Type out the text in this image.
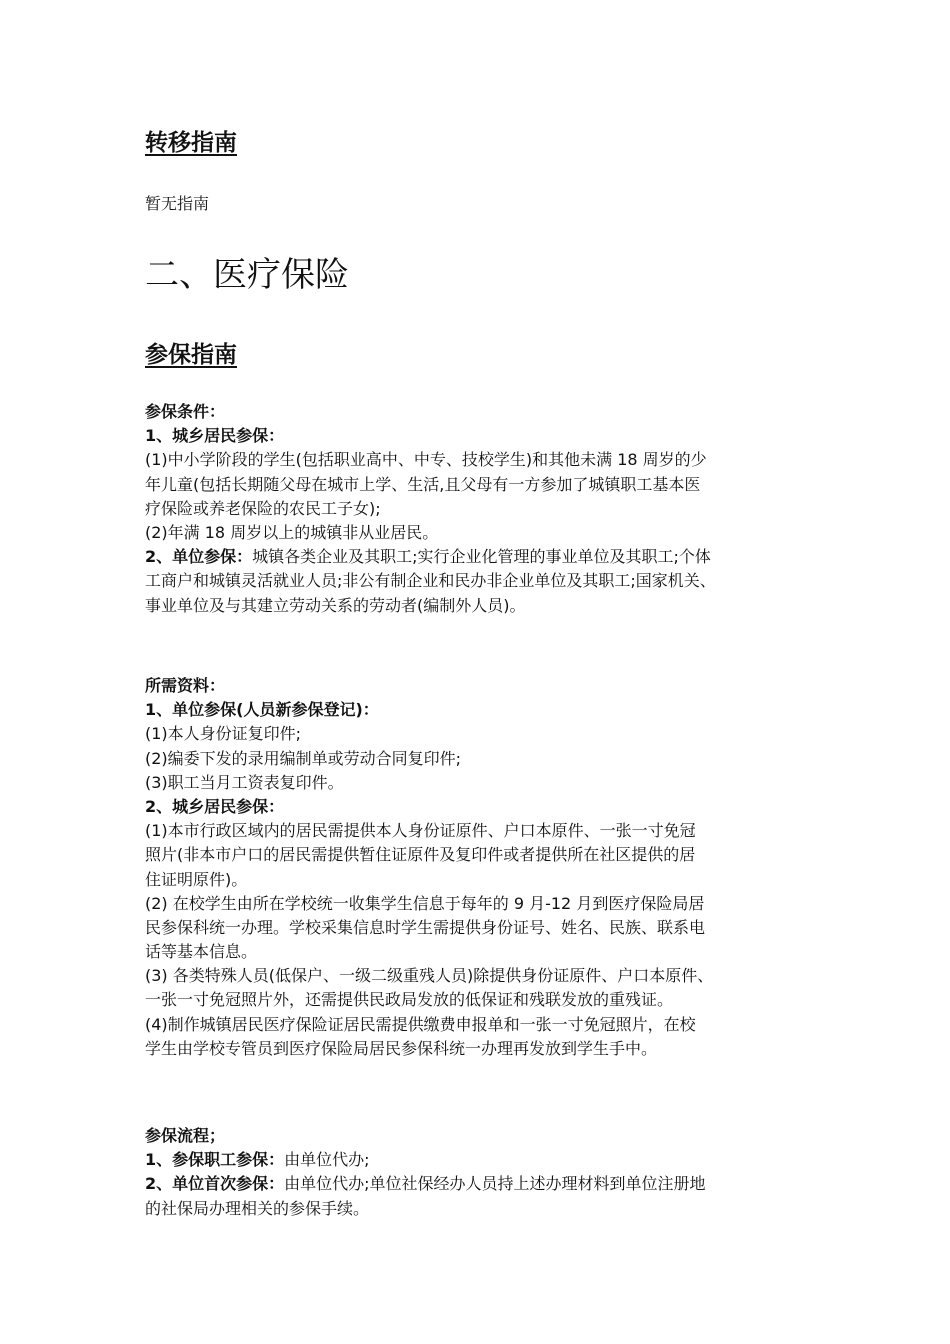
转移指南
暂无指南
二、医疗保险
参保指南
参保条件：
1、城乡居民参保：
(1)中小学阶段的学生(包括职业高中、中专、技校学生)和其他未满 18 周岁的少
年儿童(包括长期随父母在城市上学、生活,且父母有一方参加了城镇职工基本医
疗保险或养老保险的农民工子女);
(2)年满 18 周岁以上的城镇非从业居民。
2、单位参保：城镇各类企业及其职工;实行企业化管理的事业单位及其职工;个体
工商户和城镇灵活就业人员;非公有制企业和民办非企业单位及其职工;国家机关、
事业单位及与其建立劳动关系的劳动者(编制外人员)。
所需资料：
1、单位参保(人员新参保登记)：
(1)本人身份证复印件;
(2)编委下发的录用编制单或劳动合同复印件;
(3)职工当月工资表复印件。
2、城乡居民参保：
(1)本市行政区域内的居民需提供本人身份证原件、户口本原件、一张一寸免冠
照片(非本市户口的居民需提供暂住证原件及复印件或者提供所在社区提供的居
住证明原件)。
(2) 在校学生由所在学校统一收集学生信息于每年的 9 月-12 月到医疗保险局居
民参保科统一办理。学校采集信息时学生需提供身份证号、姓名、民族、联系电
话等基本信息。
(3) 各类特殊人员(低保户、一级二级重残人员)除提供身份证原件、户口本原件、
一张一寸免冠照片外，还需提供民政局发放的低保证和残联发放的重残证。
(4)制作城镇居民医疗保险证居民需提供缴费申报单和一张一寸免冠照片，在校
学生由学校专管员到医疗保险局居民参保科统一办理再发放到学生手中。
参保流程；
1、参保职工参保：由单位代办;
2、单位首次参保：由单位代办;单位社保经办人员持上述办理材料到单位注册地
的社保局办理相关的参保手续。
